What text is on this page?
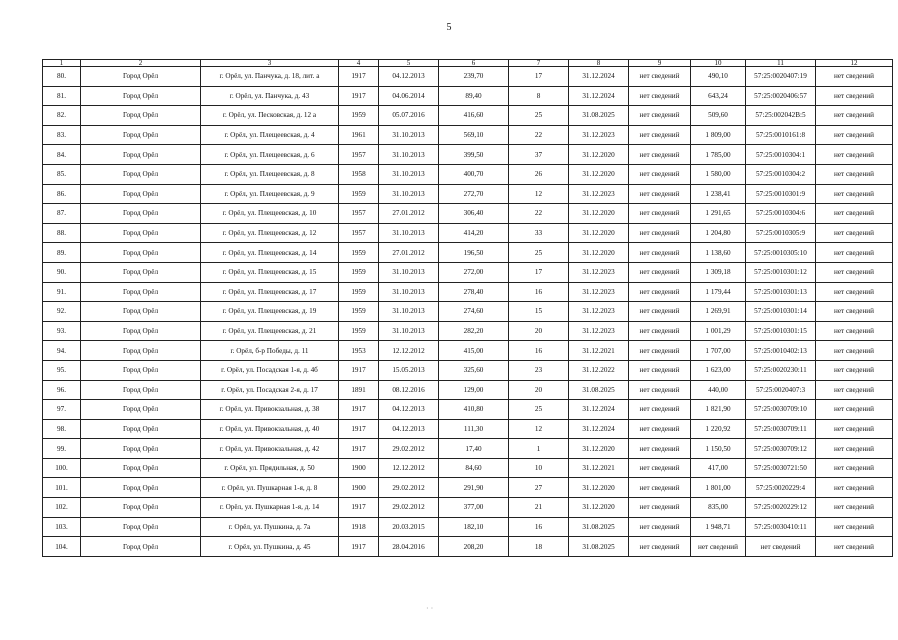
5
1	2	3	4	5	6	7	8	9	10	11	12
80.	Город Орёл	г. Орёл, ул. Панчука, д. 18, лит. а	1917	04.12.2013	239,70	17	31.12.2024	нет сведений	490,10	57:25:0020407:19	нет сведений
81.	Город Орёл	г. Орёл, ул. Панчука, д. 43	1917	04.06.2014	89,40	8	31.12.2024	нет сведений	643,24	57:25:0020406:57	нет сведений
82.	Город Орёл	г. Орёл, ул. Песковская, д. 12 а	1959	05.07.2016	416,60	25	31.08.2025	нет сведений	509,60	57:25:002042В:5	нет сведений
83.	Город Орёл	г. Орёл, ул. Плещеевская, д. 4	1961	31.10.2013	569,10	22	31.12.2023	нет сведений	1 809,00	57:25:0010161:8	нет сведений
84.	Город Орёл	г. Орёл, ул. Плещеевская, д. 6	1957	31.10.2013	399,50	37	31.12.2020	нет сведений	1 785,00	57:25:0010304:1	нет сведений
85.	Город Орёл	г. Орёл, ул. Плещеевская, д. 8	1958	31.10.2013	400,70	26	31.12.2020	нет сведений	1 580,00	57:25:0010304:2	нет сведений
86.	Город Орёл	г. Орёл, ул. Плещеевская, д. 9	1959	31.10.2013	272,70	12	31.12.2023	нет сведений	1 238,41	57:25:0010301:9	нет сведений
87.	Город Орёл	г. Орёл, ул. Плещеевская, д. 10	1957	27.01.2012	306,40	22	31.12.2020	нет сведений	1 291,65	57:25:0010304:6	нет сведений
88.	Город Орёл	г. Орёл, ул. Плещеевская, д. 12	1957	31.10.2013	414,20	33	31.12.2020	нет сведений	1 204,80	57:25:0010305:9	нет сведений
89.	Город Орёл	г. Орёл, ул. Плещеевская, д. 14	1959	27.01.2012	196,50	25	31.12.2020	нет сведений	1 138,60	57:25:0010305:10	нет сведений
90.	Город Орёл	г. Орёл, ул. Плещеевская, д. 15	1959	31.10.2013	272,00	17	31.12.2023	нет сведений	1 309,18	57:25:0010301:12	нет сведений
91.	Город Орёл	г. Орёл, ул. Плещеевская, д. 17	1959	31.10.2013	278,40	16	31.12.2023	нет сведений	1 179,44	57:25:0010301:13	нет сведений
92.	Город Орёл	г. Орёл, ул. Плещеевская, д. 19	1959	31.10.2013	274,60	15	31.12.2023	нет сведений	1 269,91	57:25:0010301:14	нет сведений
93.	Город Орёл	г. Орёл, ул. Плещеевская, д. 21	1959	31.10.2013	282,20	20	31.12.2023	нет сведений	1 001,29	57:25:0010301:15	нет сведений
94.	Город Орёл	г. Орёл, б-р Победы, д. 11	1953	12.12.2012	415,00	16	31.12.2021	нет сведений	1 707,00	57:25:0010402:13	нет сведений
95.	Город Орёл	г. Орёл, ул. Посадская 1-я, д. 4б	1917	15.05.2013	325,60	23	31.12.2022	нет сведений	1 623,00	57:25:0020230:11	нет сведений
96.	Город Орёл	г. Орёл, ул. Посадская 2-я, д. 17	1891	08.12.2016	129,00	20	31.08.2025	нет сведений	440,00	57:25:0020407:3	нет сведений
97.	Город Орёл	г. Орёл, ул. Привокзальная, д. 38	1917	04.12.2013	410,80	25	31.12.2024	нет сведений	1 821,90	57:25:0030709:10	нет сведений
98.	Город Орёл	г. Орёл, ул. Привокзальная, д. 40	1917	04.12.2013	111,30	12	31.12.2024	нет сведений	1 220,92	57:25:0030709:11	нет сведений
99.	Город Орёл	г. Орёл, ул. Привокзальная, д. 42	1917	29.02.2012	17,40	1	31.12.2020	нет сведений	1 150,50	57:25:0030709:12	нет сведений
100.	Город Орёл	г. Орёл, ул. Прядильная, д. 50	1900	12.12.2012	84,60	10	31.12.2021	нет сведений	417,00	57:25:0030721:50	нет сведений
101.	Город Орёл	г. Орёл, ул. Пушкарная 1-я, д. 8	1900	29.02.2012	291,90	27	31.12.2020	нет сведений	1 801,00	57:25:0020229:4	нет сведений
102.	Город Орёл	г. Орёл, ул. Пушкарная 1-я, д. 14	1917	29.02.2012	377,00	21	31.12.2020	нет сведений	835,00	57:25:0020229:12	нет сведений
103.	Город Орёл	г. Орёл, ул. Пушкина, д. 7а	1918	20.03.2015	182,10	16	31.08.2025	нет сведений	1 948,71	57:25:0030410:11	нет сведений
104.	Город Орёл	г. Орёл, ул. Пушкина, д. 45	1917	28.04.2016	208,20	18	31.08.2025	нет сведений	нет сведений	нет сведений	нет сведений
· ·
